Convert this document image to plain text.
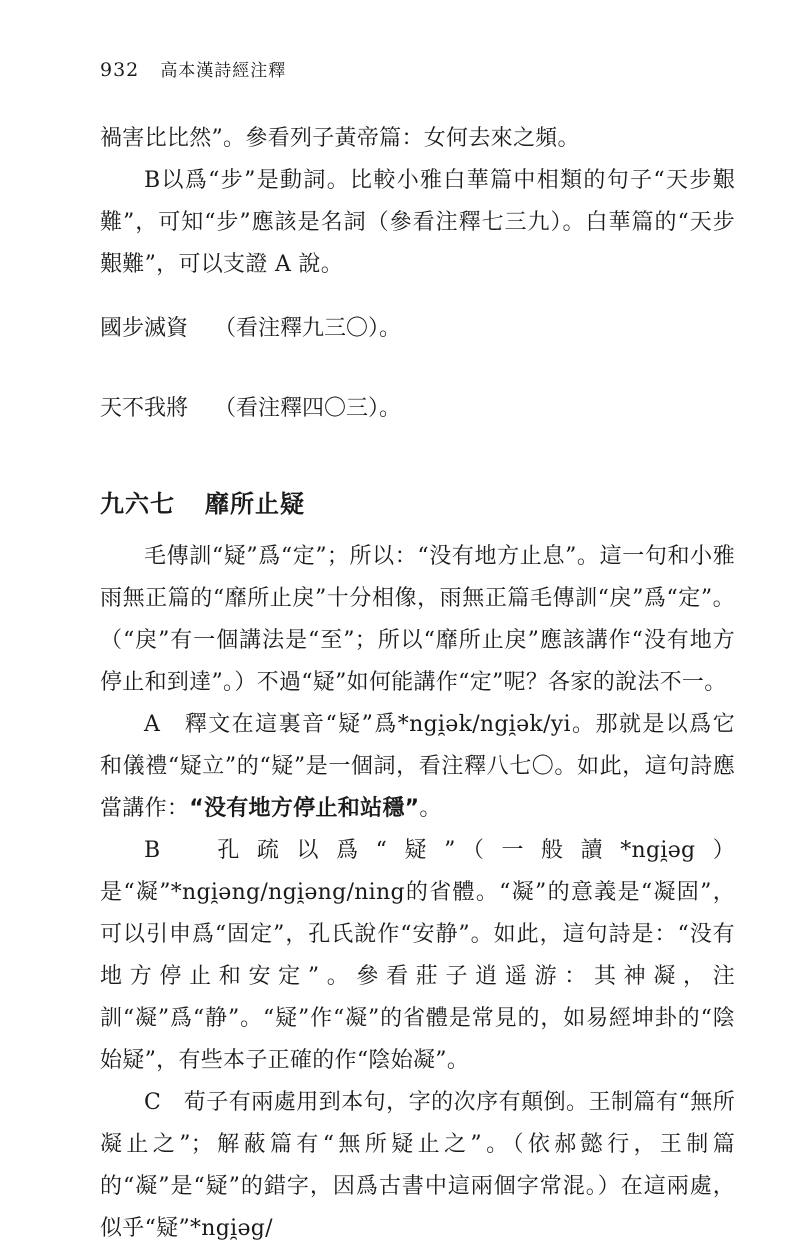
932 高本漢詩經注釋

禍害比比然”。參看列子黃帝篇：女何去來之頻。

B以爲“步”是動詞。比較小雅白華篇中相類的句子“天步艱難”，可知“步”應該是名詞（參看注釋七三九）。白華篇的“天步艱難”，可以支證 A 說。

國步滅資 （看注釋九三〇）。

天不我將 （看注釋四〇三）。

九六七 靡所止疑

毛傳訓“疑”爲“定”；所以：“没有地方止息”。這一句和小雅雨無正篇的“靡所止戾”十分相像，雨無正篇毛傳訓“戾”爲“定”。（“戾”有一個講法是“至”；所以“靡所止戾”應該講作“没有地方停止和到達”。）不過“疑”如何能講作“定”呢？各家的說法不一。

A　釋文在這裏音“疑”爲*ngi̯ək/ngi̯ək/yi。那就是以爲它和儀禮“疑立”的“疑”是一個詞，看注釋八七〇。如此，這句詩應當講作：“没有地方停止和站穩”。

B　孔疏以爲“疑”（一般讀*ngi̯əg）是“凝”*ngi̯əng/ngi̯əng/ning的省體。“凝”的意義是“凝固”，可以引申爲“固定”，孔氏說作“安静”。如此，這句詩是：“没有地方停止和安定”。參看莊子逍遥游：其神凝，注訓“凝”爲“静”。“疑”作“凝”的省體是常見的，如易經坤卦的“陰始疑”，有些本子正確的作“陰始凝”。

C　荀子有兩處用到本句，字的次序有顛倒。王制篇有“無所凝止之”；解蔽篇有“無所疑止之”。（依郝懿行，王制篇的“凝”是“疑”的錯字，因爲古書中這兩個字常混。）在這兩處，似乎“疑”*ngi̯əg/
